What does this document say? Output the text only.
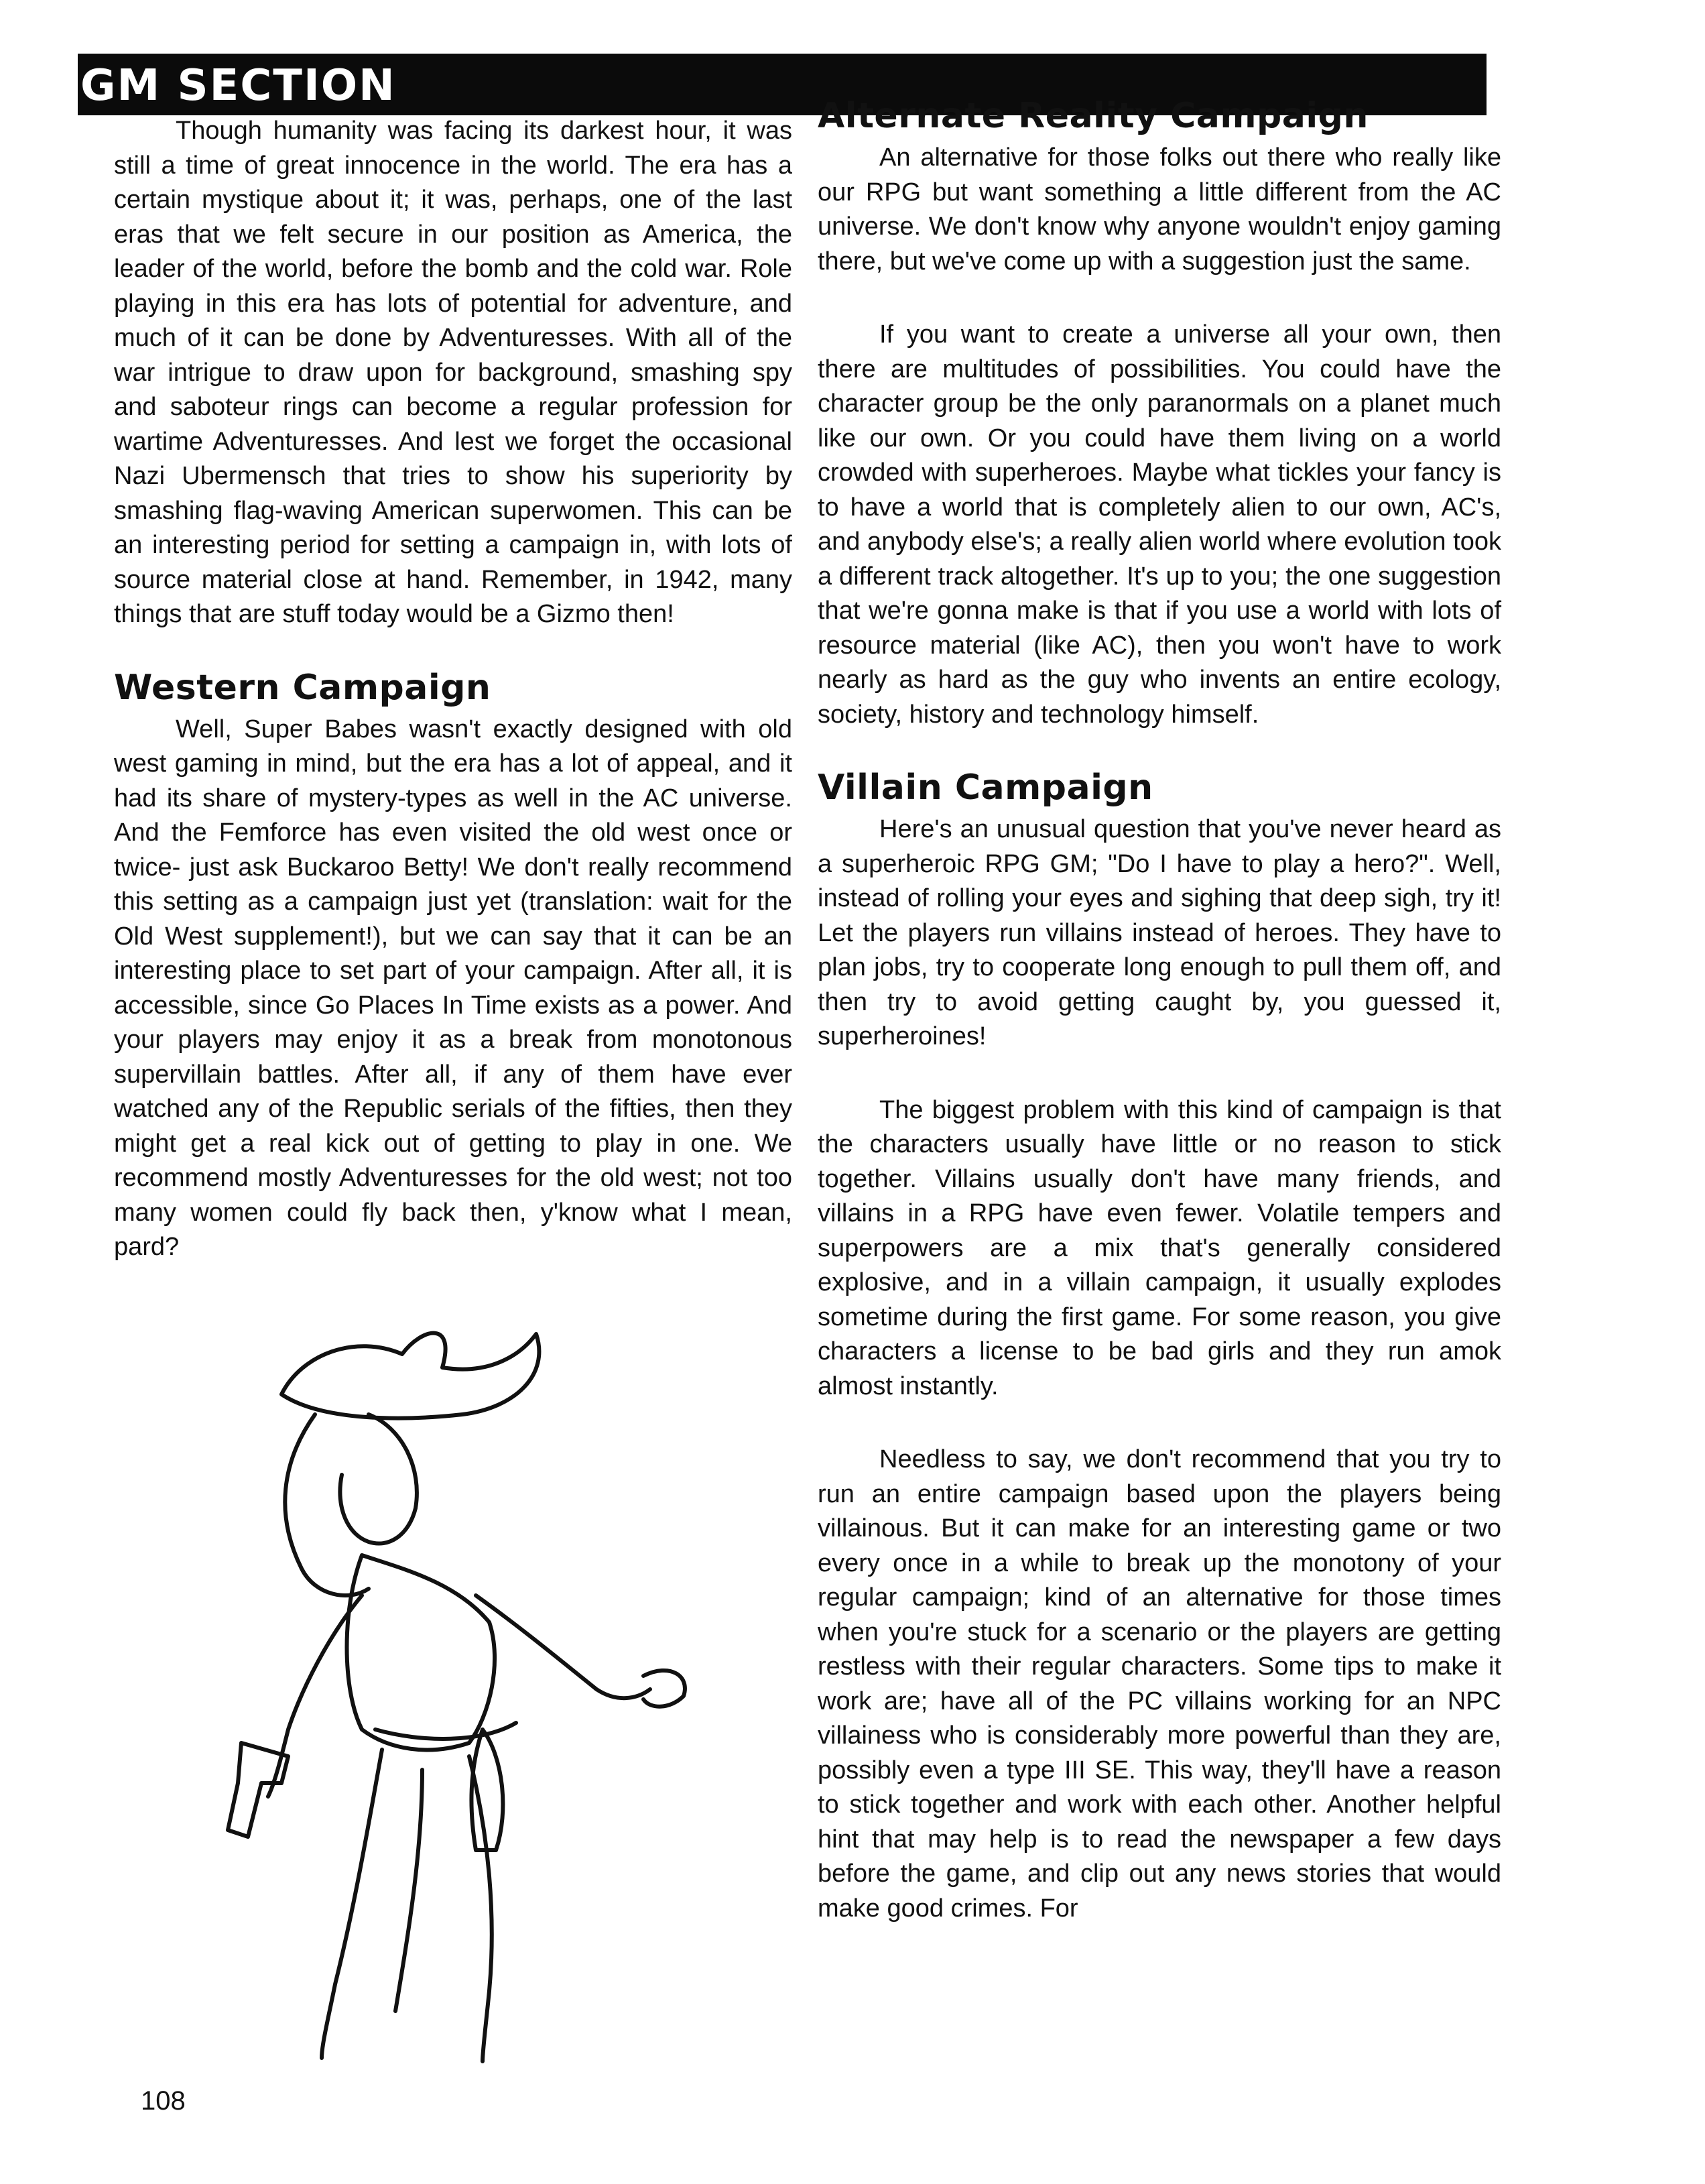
GM SECTION

Though humanity was facing its darkest hour, it was still a time of great innocence in the world. The era has a certain mystique about it; it was, perhaps, one of the last eras that we felt secure in our position as America, the leader of the world, before the bomb and the cold war. Role playing in this era has lots of potential for adventure, and much of it can be done by Adventuresses. With all of the war intrigue to draw upon for background, smashing spy and saboteur rings can become a regular profession for wartime Adventuresses. And lest we forget the occasional Nazi Ubermensch that tries to show his superiority by smashing flag-waving American superwomen. This can be an interesting period for setting a campaign in, with lots of source material close at hand. Remember, in 1942, many things that are stuff today would be a Gizmo then!

Western Campaign

Well, Super Babes wasn't exactly designed with old west gaming in mind, but the era has a lot of appeal, and it had its share of mystery-types as well in the AC universe. And the Femforce has even visited the old west once or twice- just ask Buckaroo Betty! We don't really recommend this setting as a campaign just yet (translation: wait for the Old West supplement!), but we can say that it can be an interesting place to set part of your campaign. After all, it is accessible, since Go Places In Time exists as a power. And your players may enjoy it as a break from monotonous supervillain battles. After all, if any of them have ever watched any of the Republic serials of the fifties, then they might get a real kick out of getting to play in one. We recommend mostly Adventuresses for the old west; not too many women could fly back then, y'know what I mean, pard?

Alternate Reality Campaign

An alternative for those folks out there who really like our RPG but want something a little different from the AC universe. We don't know why anyone wouldn't enjoy gaming there, but we've come up with a suggestion just the same.

If you want to create a universe all your own, then there are multitudes of possibilities. You could have the character group be the only paranormals on a planet much like our own. Or you could have them living on a world crowded with superheroes. Maybe what tickles your fancy is to have a world that is completely alien to our own, AC's, and anybody else's; a really alien world where evolution took a different track altogether. It's up to you; the one suggestion that we're gonna make is that if you use a world with lots of resource material (like AC), then you won't have to work nearly as hard as the guy who invents an entire ecology, society, history and technology himself.

Villain Campaign

Here's an unusual question that you've never heard as a superheroic RPG GM; "Do I have to play a hero?". Well, instead of rolling your eyes and sighing that deep sigh, try it! Let the players run villains instead of heroes. They have to plan jobs, try to cooperate long enough to pull them off, and then try to avoid getting caught by, you guessed it, superheroines!

The biggest problem with this kind of campaign is that the characters usually have little or no reason to stick together. Villains usually don't have many friends, and villains in a RPG have even fewer. Volatile tempers and superpowers are a mix that's generally considered explosive, and in a villain campaign, it usually explodes sometime during the first game. For some reason, you give characters a license to be bad girls and they run amok almost instantly.

Needless to say, we don't recommend that you try to run an entire campaign based upon the players being villainous. But it can make for an interesting game or two every once in a while to break up the monotony of your regular campaign; kind of an alternative for those times when you're stuck for a scenario or the players are getting restless with their regular characters. Some tips to make it work are; have all of the PC villains working for an NPC villainess who is considerably more powerful than they are, possibly even a type III SE. This way, they'll have a reason to stick together and work with each other. Another helpful hint that may help is to read the newspaper a few days before the game, and clip out any news stories that would make good crimes. For

108
